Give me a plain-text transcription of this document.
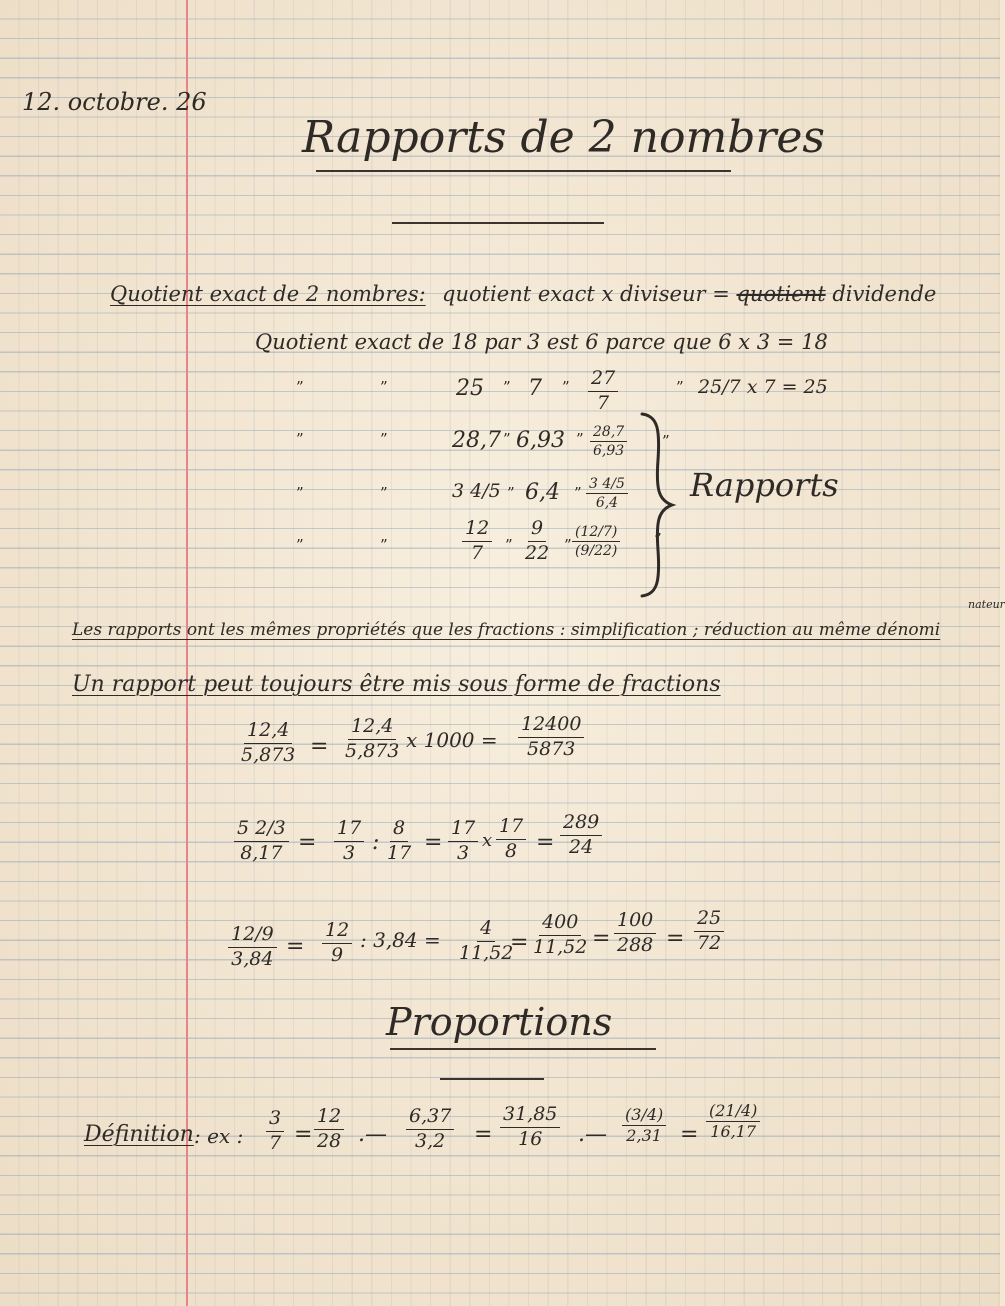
12. octobre. 26
Rapports de 2 nombres
Quotient exact de 2 nombres: quotient exact x diviseur = quotient dividende
Quotient exact de 18 par 3 est 6 parce que 6 x 3 = 18
”	”	25 ” 7 ” $\frac{27}{7}$	” 25/7 x 7 = 25
”	”	28,7 ” 6,93 ” $\frac{28,7}{6,93}$
”	”	3 4/5 ” 6,4 ” $\frac{3 4/5}{6,4}$
”	”	$\frac{12}{7}$ ” $\frac{9}{22}$ ” $\frac{(12/7)}{(9/22)}$ ”
”
Rapports
Les rapports ont les mêmes propriétés que les fractions : simplification ; réduction au même dénomi
nateur
Un rapport peut toujours être mis sous forme de fractions
$\frac{12,4}{5,873} = \frac{12,4}{5,873}$ x $1000 = \frac{12400}{5873}$
$\frac{5 2/3}{8,17} = \frac{17}{3}$ : $\frac{8}{17} = \frac{17}{3}$ x $\frac{17}{8} = \frac{289}{24}$
$\frac{12/9}{3,84} = \frac{12}{9}$ : $3,84 = \frac{4}{11,52}$
= $\frac{400}{11,52} = \frac{100}{288} = \frac{25}{72}$
Proportions
Définition : ex : $\frac{3}{7} = \frac{12}{28}$ .— $\frac{6,37}{3,2} = \frac{31,85}{16}$ .— $\frac{(3/4)}{2,31} = \frac{(21/4)}{16,17}$
